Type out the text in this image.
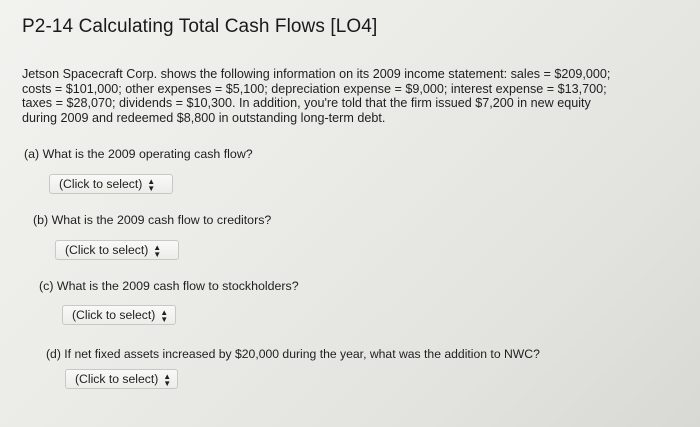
P2-14 Calculating Total Cash Flows [LO4]
Jetson Spacecraft Corp. shows the following information on its 2009 income statement: sales = $209,000;
costs = $101,000; other expenses = $5,100; depreciation expense = $9,000; interest expense = $13,700;
taxes = $28,070; dividends = $10,300. In addition, you're told that the firm issued $7,200 in new equity
during 2009 and redeemed $8,800 in outstanding long-term debt.
(a) What is the 2009 operating cash flow?
(Click to select) ▲
▼
(b) What is the 2009 cash flow to creditors?
(Click to select) ▲
▼
(c) What is the 2009 cash flow to stockholders?
(Click to select) ▲
▼
(d) If net fixed assets increased by $20,000 during the year, what was the addition to NWC?
(Click to select) ▲
▼
